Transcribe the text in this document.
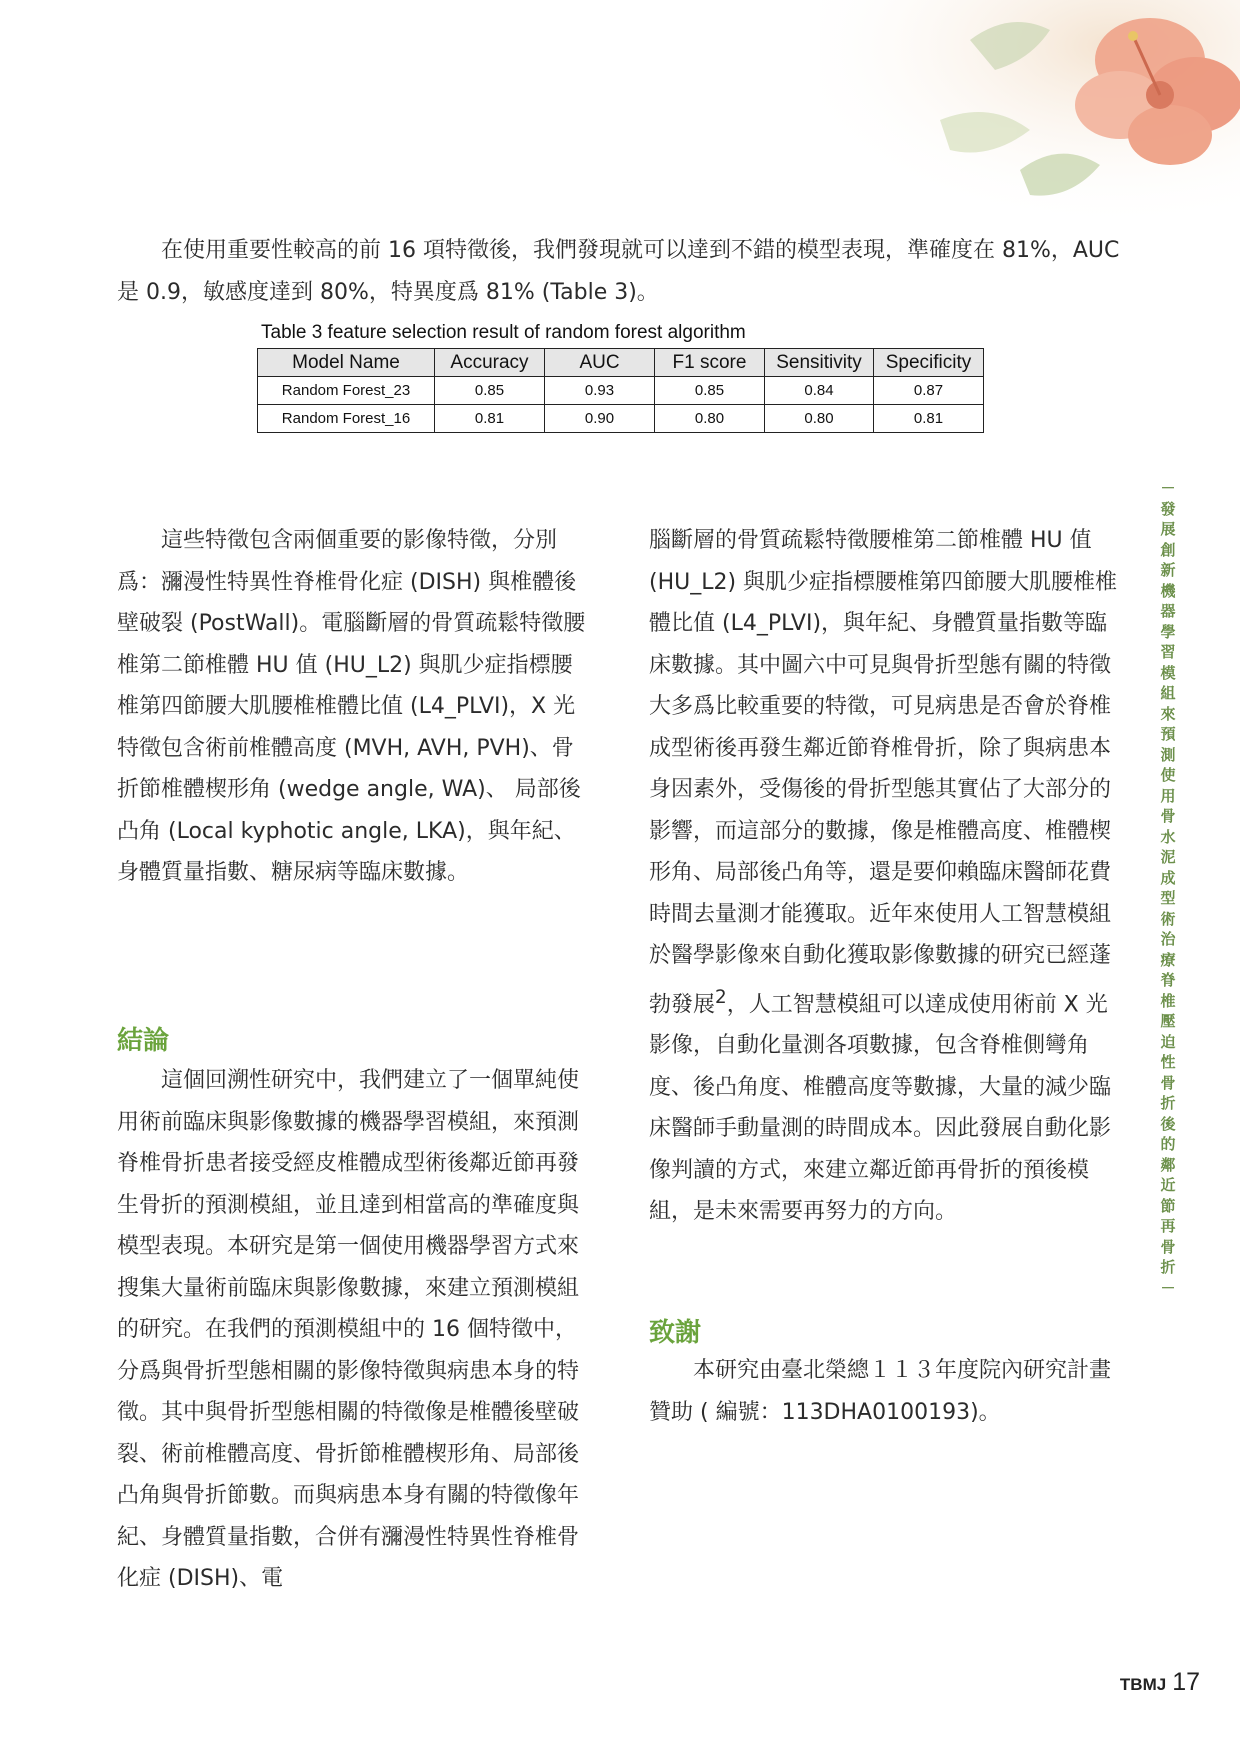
在使用重要性較高的前 16 項特徵後，我們發現就可以達到不錯的模型表現，準確度在 81%，AUC 是 0.9，敏感度達到 80%，特異度爲 81% (Table 3)。

Table 3 feature selection result of random forest algorithm

Model Name	Accuracy	AUC	F1 score	Sensitivity	Specificity
Random Forest_23	0.85	0.93	0.85	0.84	0.87
Random Forest_16	0.81	0.90	0.80	0.80	0.81

這些特徵包含兩個重要的影像特徵，分別爲：瀰漫性特異性脊椎骨化症 (DISH) 與椎體後壁破裂 (PostWall)。電腦斷層的骨質疏鬆特徵腰椎第二節椎體 HU 值 (HU_L2) 與肌少症指標腰椎第四節腰大肌腰椎椎體比值 (L4_PLVI)，X 光特徵包含術前椎體高度 (MVH, AVH, PVH)、骨折節椎體楔形角 (wedge angle, WA)、 局部後凸角 (Local kyphotic angle, LKA)，與年紀、身體質量指數、糖尿病等臨床數據。

結論

這個回溯性研究中，我們建立了一個單純使用術前臨床與影像數據的機器學習模組，來預測脊椎骨折患者接受經皮椎體成型術後鄰近節再發生骨折的預測模組，並且達到相當高的準確度與模型表現。本研究是第一個使用機器學習方式來搜集大量術前臨床與影像數據，來建立預測模組的研究。在我們的預測模組中的 16 個特徵中，分爲與骨折型態相關的影像特徵與病患本身的特徵。其中與骨折型態相關的特徵像是椎體後壁破裂、術前椎體高度、骨折節椎體楔形角、局部後凸角與骨折節數。而與病患本身有關的特徵像年紀、身體質量指數，合併有瀰漫性特異性脊椎骨化症 (DISH)、電

腦斷層的骨質疏鬆特徵腰椎第二節椎體 HU 值 (HU_L2) 與肌少症指標腰椎第四節腰大肌腰椎椎體比值 (L4_PLVI)，與年紀、身體質量指數等臨床數據。其中圖六中可見與骨折型態有關的特徵大多爲比較重要的特徵，可見病患是否會於脊椎成型術後再發生鄰近節脊椎骨折，除了與病患本身因素外，受傷後的骨折型態其實佔了大部分的影響，而這部分的數據，像是椎體高度、椎體楔形角、局部後凸角等，還是要仰賴臨床醫師花費時間去量測才能獲取。近年來使用人工智慧模組於醫學影像來自動化獲取影像數據的研究已經蓬勃發展$^2$，人工智慧模組可以達成使用術前 X 光影像，自動化量測各項數據，包含脊椎側彎角度、後凸角度、椎體高度等數據，大量的減少臨床醫師手動量測的時間成本。因此發展自動化影像判讀的方式，來建立鄰近節再骨折的預後模組，是未來需要再努力的方向。

致謝

本研究由臺北榮總１１３年度院內研究計畫贊助 ( 編號：113DHA0100193)。

－
發
展
創
新
機
器
學
習
模
組
來
預
測
使
用
骨
水
泥
成
型
術
治
療
脊
椎
壓
迫
性
骨
折
後
的
鄰
近
節
再
骨
折
－

TBMJ 17
